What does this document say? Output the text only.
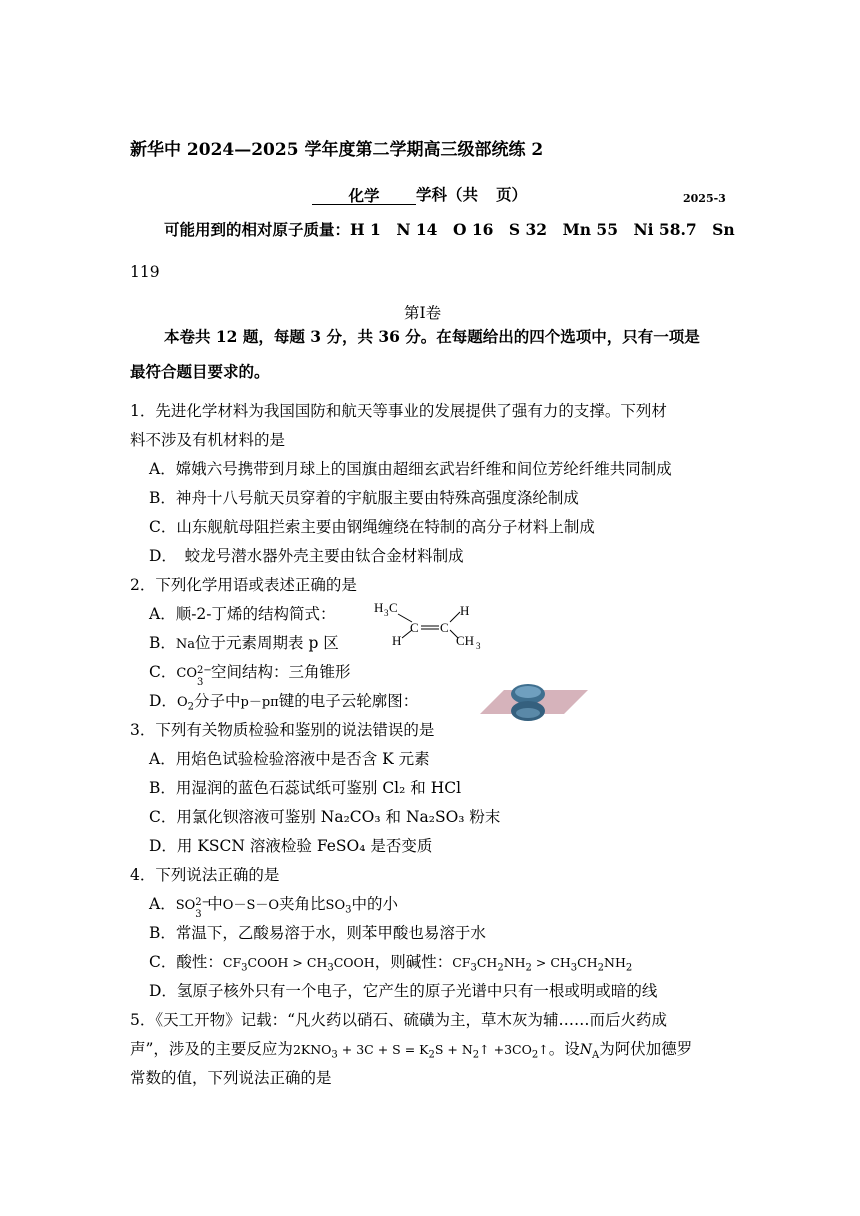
新华中 2024—2025 学年度第二学期高三级部统练 2
化学 学科（共 页）	2025-3
可能用到的相对原子质量：H 1　N 14　O 16　S 32　Mn 55　Ni 58.7　Sn
119
第Ⅰ卷
本卷共 12 题，每题 3 分，共 36 分。在每题给出的四个选项中，只有一项是
最符合题目要求的。
1．先进化学材料为我国国防和航天等事业的发展提供了强有力的支撑。下列材
料不涉及有机材料的是
A．嫦娥六号携带到月球上的国旗由超细玄武岩纤维和间位芳纶纤维共同制成
B．神舟十八号航天员穿着的宇航服主要由特殊高强度涤纶制成
C．山东舰航母阻拦索主要由钢绳缠绕在特制的高分子材料上制成
D．　蛟龙号潜水器外壳主要由钛合金材料制成
2．下列化学用语或表述正确的是
A．顺-2-丁烯的结构简式：	H 3 C	H
H	CH 3
C C
B．Na位于元素周期表 p 区
C．CO 2−
3
空间结构：三角锥形
D．$O_2$分子中p－pπ键的电子云轮廓图：
3．下列有关物质检验和鉴别的说法错误的是
A．用焰色试验检验溶液中是否含 K 元素
B．用湿润的蓝色石蕊试纸可鉴别 Cl₂ 和 HCl
C．用氯化钡溶液可鉴别 Na₂CO₃ 和 Na₂SO₃ 粉末
D．用 KSCN 溶液检验 FeSO₄ 是否变质
4．下列说法正确的是
A．SO 2−
3
中O－S－O夹角比$SO_3$中的小
B．常温下，乙酸易溶于水，则苯甲酸也易溶于水
C．酸性：$CF_3COOH$ > $CH_3COOH$，则碱性：$CF_3CH_2NH_2 > CH_3CH_2NH_2$
D．氢原子核外只有一个电子，它产生的原子光谱中只有一根或明或暗的线
5．《天工开物》记载：“凡火药以硝石、硫磺为主，草木灰为辅……而后火药成
声”，涉及的主要反应为$2KNO_3 + 3C + S = K_2S$ + $N_2↑$ $+3CO_2↑$。设$N_A$为阿伏加德罗
常数的值，下列说法正确的是
